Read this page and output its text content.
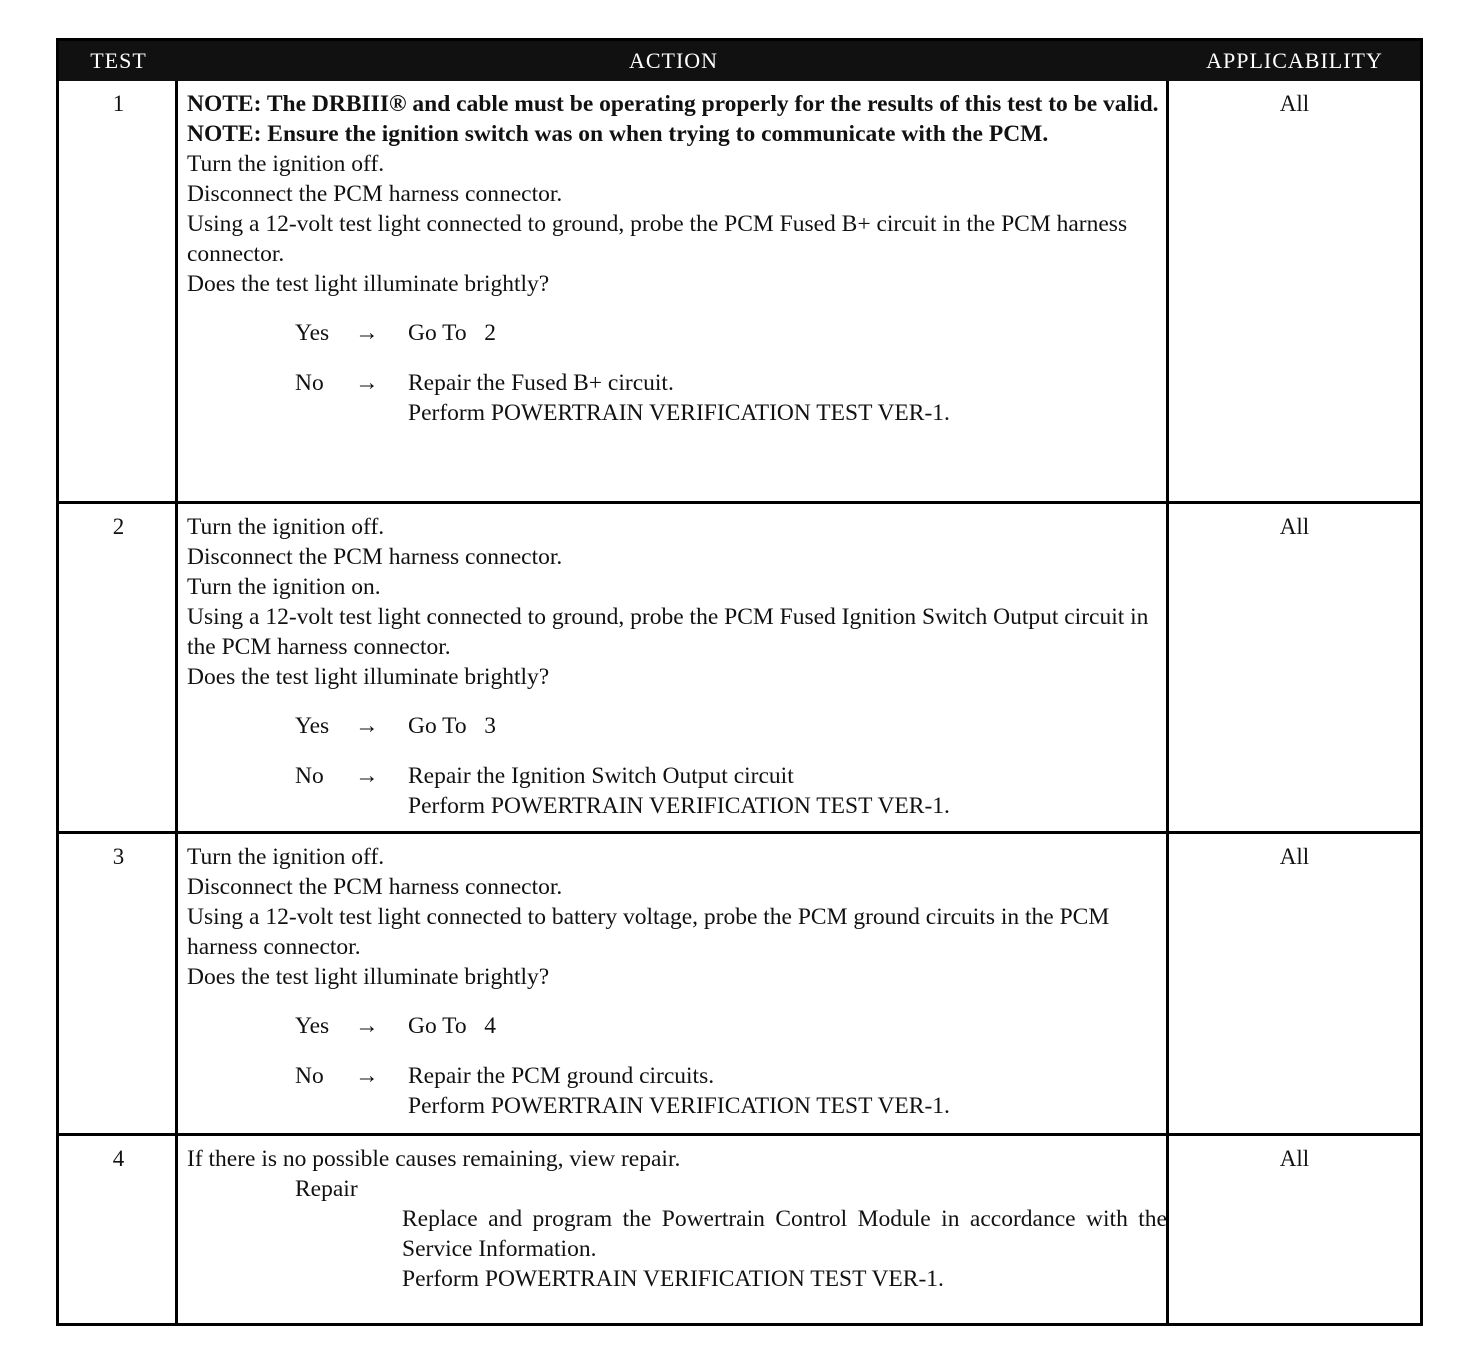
TEST	ACTION	APPLICABILITY
1	NOTE: The DRBIII® and cable must be operating properly for the results of this test to be valid.

NOTE: Ensure the ignition switch was on when trying to communicate with the PCM.

Turn the ignition off.

Disconnect the PCM harness connector.

Using a 12-volt test light connected to ground, probe the PCM Fused B+ circuit in the PCM harness connector.

Does the test light illuminate brightly?

Yes → Go To   2
No → Repair the Fused B+ circuit.
Perform POWERTRAIN VERIFICATION TEST VER-1.
All
2	Turn the ignition off.

Disconnect the PCM harness connector.

Turn the ignition on.

Using a 12-volt test light connected to ground, probe the PCM Fused Ignition Switch Output circuit in the PCM harness connector.

Does the test light illuminate brightly?

Yes → Go To   3
No → Repair the Ignition Switch Output circuit
Perform POWERTRAIN VERIFICATION TEST VER-1.
All
3	Turn the ignition off.

Disconnect the PCM harness connector.

Using a 12-volt test light connected to battery voltage, probe the PCM ground circuits in the PCM harness connector.

Does the test light illuminate brightly?

Yes → Go To   4
No → Repair the PCM ground circuits.
Perform POWERTRAIN VERIFICATION TEST VER-1.
All
4	If there is no possible causes remaining, view repair.

Repair

Replace and program the Powertrain Control Module in accordance with the Service Information.

Perform POWERTRAIN VERIFICATION TEST VER-1.

All
